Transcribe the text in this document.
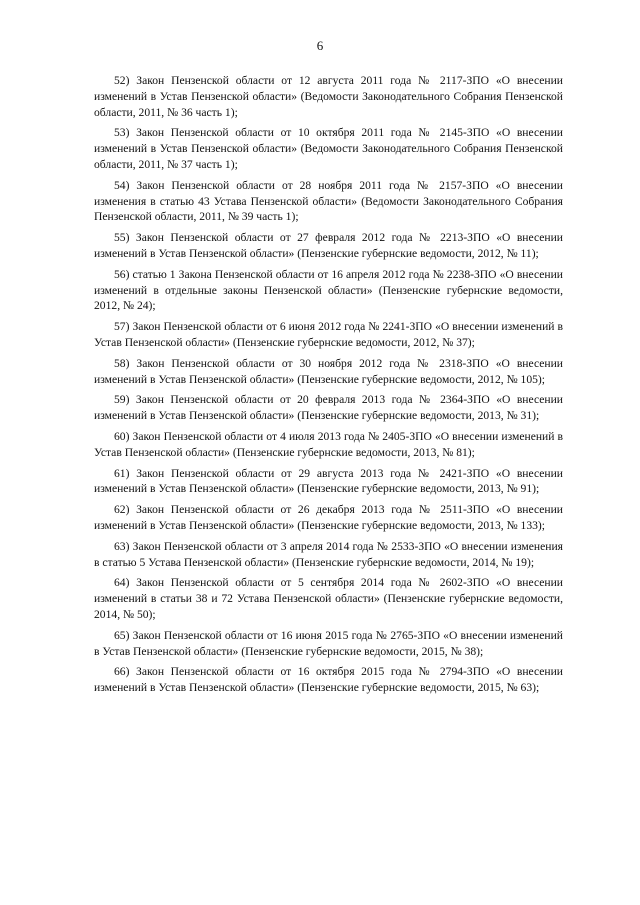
6

52) Закон Пензенской области от 12 августа 2011 года № 2117-ЗПО «О внесении изменений в Устав Пензенской области» (Ведомости Законодательного Собрания Пензенской области, 2011, № 36 часть 1);

53) Закон Пензенской области от 10 октября 2011 года № 2145-ЗПО «О внесении изменений в Устав Пензенской области» (Ведомости Законодательного Собрания Пензенской области, 2011, № 37 часть 1);

54) Закон Пензенской области от 28 ноября 2011 года № 2157-ЗПО «О внесении изменения в статью 43 Устава Пензенской области» (Ведомости Законодательного Собрания Пензенской области, 2011, № 39 часть 1);

55) Закон Пензенской области от 27 февраля 2012 года № 2213-ЗПО «О внесении изменений в Устав Пензенской области» (Пензенские губернские ведомости, 2012, № 11);

56) статью 1 Закона Пензенской области от 16 апреля 2012 года № 2238-ЗПО «О внесении изменений в отдельные законы Пензенской области» (Пензенские губернские ведомости, 2012, № 24);

57) Закон Пензенской области от 6 июня 2012 года № 2241-ЗПО «О внесении изменений в Устав Пензенской области» (Пензенские губернские ведомости, 2012, № 37);

58) Закон Пензенской области от 30 ноября 2012 года № 2318-ЗПО «О внесении изменений в Устав Пензенской области» (Пензенские губернские ведомости, 2012, № 105);

59) Закон Пензенской области от 20 февраля 2013 года № 2364-ЗПО «О внесении изменений в Устав Пензенской области» (Пензенские губернские ведомости, 2013, № 31);

60) Закон Пензенской области от 4 июля 2013 года № 2405-ЗПО «О внесении изменений в Устав Пензенской области» (Пензенские губернские ведомости, 2013, № 81);

61) Закон Пензенской области от 29 августа 2013 года № 2421-ЗПО «О внесении изменений в Устав Пензенской области» (Пензенские губернские ведомости, 2013, № 91);

62) Закон Пензенской области от 26 декабря 2013 года № 2511-ЗПО «О внесении изменений в Устав Пензенской области» (Пензенские губернские ведомости, 2013, № 133);

63) Закон Пензенской области от 3 апреля 2014 года № 2533-ЗПО «О внесении изменения в статью 5 Устава Пензенской области» (Пензенские губернские ведомости, 2014, № 19);

64) Закон Пензенской области от 5 сентября 2014 года № 2602-ЗПО «О внесении изменений в статьи 38 и 72 Устава Пензенской области» (Пензенские губернские ведомости, 2014, № 50);

65) Закон Пензенской области от 16 июня 2015 года № 2765-ЗПО «О внесении изменений в Устав Пензенской области» (Пензенские губернские ведомости, 2015, № 38);

66) Закон Пензенской области от 16 октября 2015 года № 2794-ЗПО «О внесении изменений в Устав Пензенской области» (Пензенские губернские ведомости, 2015, № 63);
